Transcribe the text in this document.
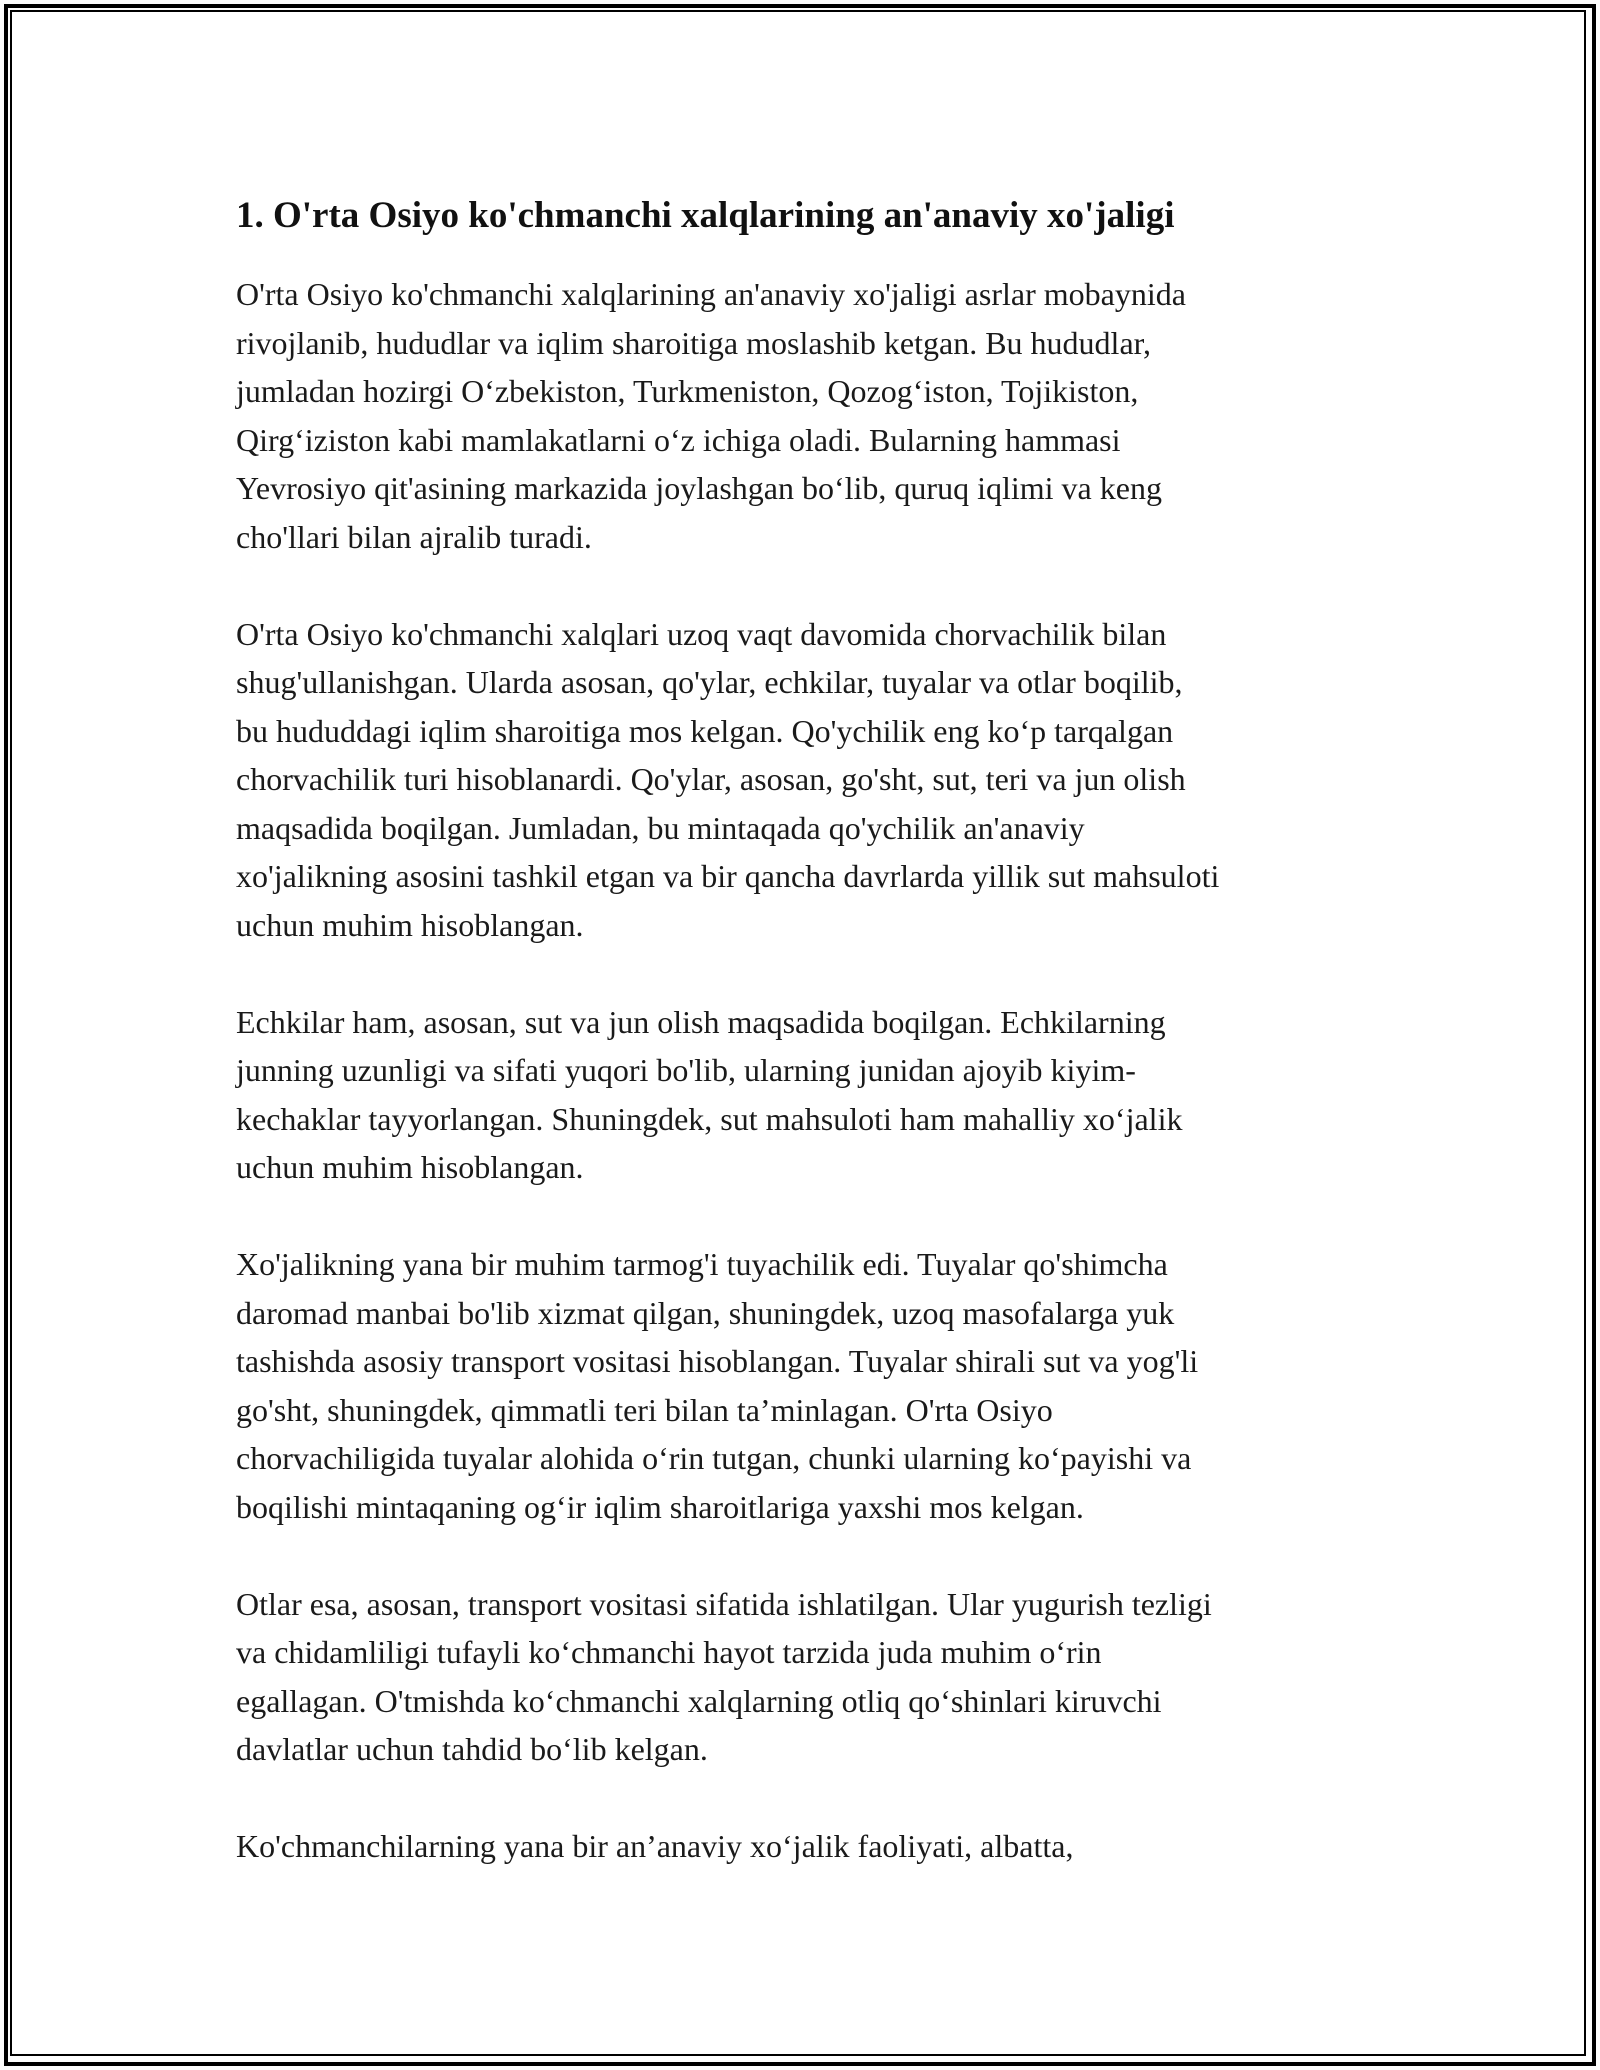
1. O'rta Osiyo ko'chmanchi xalqlarining an'anaviy xo'jaligi
O'rta Osiyo ko'chmanchi xalqlarining an'anaviy xo'jaligi asrlar mobaynida
rivojlanib, hududlar va iqlim sharoitiga moslashib ketgan. Bu hududlar,
jumladan hozirgi Oʻzbekiston, Turkmeniston, Qozogʻiston, Tojikiston,
Qirgʻiziston kabi mamlakatlarni oʻz ichiga oladi. Bularning hammasi
Yevrosiyo qit'asining markazida joylashgan boʻlib, quruq iqlimi va keng
cho'llari bilan ajralib turadi.
O'rta Osiyo ko'chmanchi xalqlari uzoq vaqt davomida chorvachilik bilan
shug'ullanishgan. Ularda asosan, qo'ylar, echkilar, tuyalar va otlar boqilib,
bu hududdagi iqlim sharoitiga mos kelgan. Qo'ychilik eng koʻp tarqalgan
chorvachilik turi hisoblanardi. Qo'ylar, asosan, go'sht, sut, teri va jun olish
maqsadida boqilgan. Jumladan, bu mintaqada qo'ychilik an'anaviy
xo'jalikning asosini tashkil etgan va bir qancha davrlarda yillik sut mahsuloti
uchun muhim hisoblangan.
Echkilar ham, asosan, sut va jun olish maqsadida boqilgan. Echkilarning
junning uzunligi va sifati yuqori bo'lib, ularning junidan ajoyib kiyim-
kechaklar tayyorlangan. Shuningdek, sut mahsuloti ham mahalliy xoʻjalik
uchun muhim hisoblangan.
Xo'jalikning yana bir muhim tarmog'i tuyachilik edi. Tuyalar qo'shimcha
daromad manbai bo'lib xizmat qilgan, shuningdek, uzoq masofalarga yuk
tashishda asosiy transport vositasi hisoblangan. Tuyalar shirali sut va yog'li
go'sht, shuningdek, qimmatli teri bilan ta’minlagan. O'rta Osiyo
chorvachiligida tuyalar alohida oʻrin tutgan, chunki ularning koʻpayishi va
boqilishi mintaqaning ogʻir iqlim sharoitlariga yaxshi mos kelgan.
Otlar esa, asosan, transport vositasi sifatida ishlatilgan. Ular yugurish tezligi
va chidamliligi tufayli koʻchmanchi hayot tarzida juda muhim oʻrin
egallagan. O'tmishda koʻchmanchi xalqlarning otliq qoʻshinlari kiruvchi
davlatlar uchun tahdid boʻlib kelgan.
Ko'chmanchilarning yana bir an’anaviy xoʻjalik faoliyati, albatta,
